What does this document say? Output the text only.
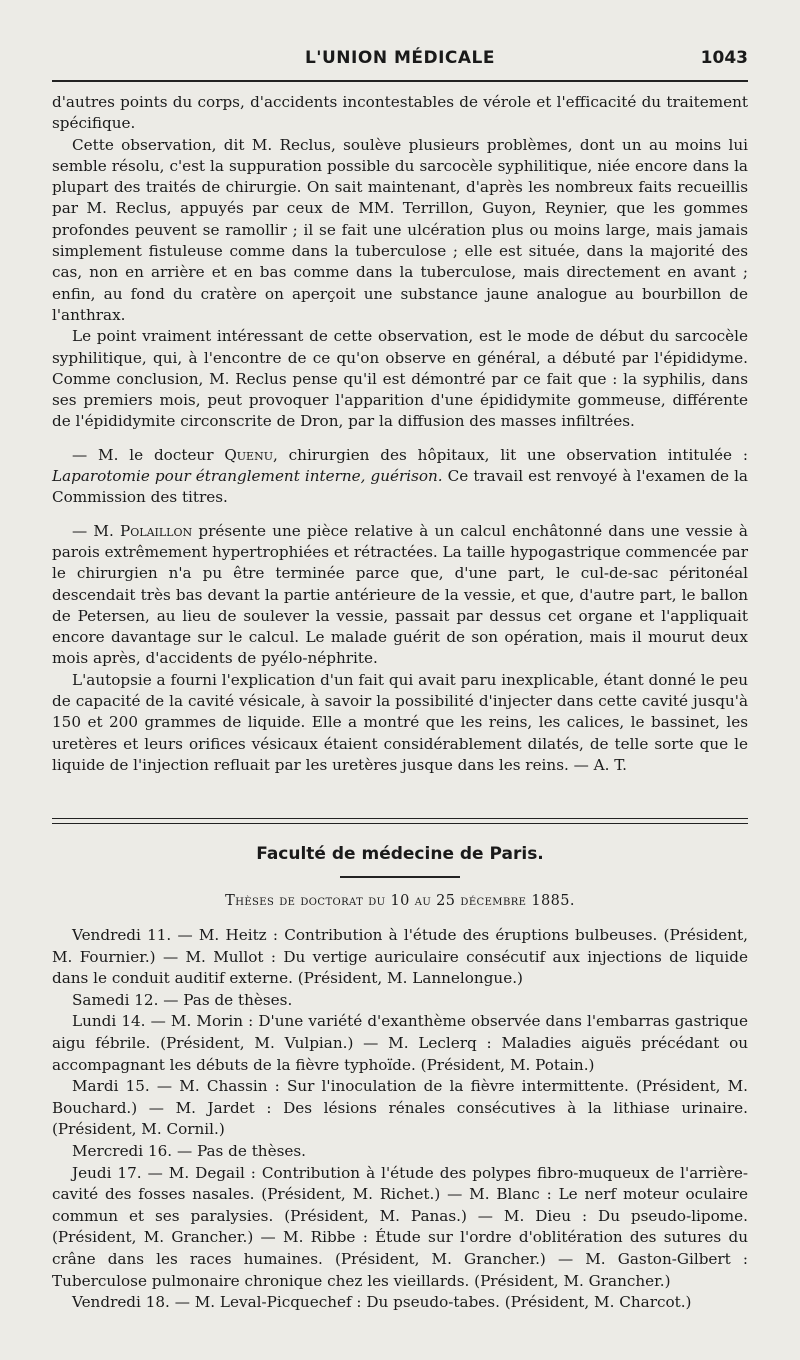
L'UNION MÉDICALE	1043

d'autres points du corps, d'accidents incontestables de vérole et l'efficacité du traitement spécifique.

Cette observation, dit M. Reclus, soulève plusieurs problèmes, dont un au moins lui semble résolu, c'est la suppuration possible du sarcocèle syphilitique, niée encore dans la plupart des traités de chirurgie. On sait maintenant, d'après les nombreux faits recueillis par M. Reclus, appuyés par ceux de MM. Terrillon, Guyon, Reynier, que les gommes profondes peuvent se ramollir ; il se fait une ulcération plus ou moins large, mais jamais simplement fistuleuse comme dans la tuberculose ; elle est située, dans la majorité des cas, non en arrière et en bas comme dans la tuberculose, mais directement en avant ; enfin, au fond du cratère on aperçoit une substance jaune analogue au bourbillon de l'anthrax.

Le point vraiment intéressant de cette observation, est le mode de début du sarcocèle syphilitique, qui, à l'encontre de ce qu'on observe en général, a débuté par l'épididyme. Comme conclusion, M. Reclus pense qu'il est démontré par ce fait que : la syphilis, dans ses premiers mois, peut provoquer l'apparition d'une épididymite gommeuse, différente de l'épididymite circonscrite de Dron, par la diffusion des masses infiltrées.

— M. le docteur Quenu, chirurgien des hôpitaux, lit une observation intitulée : Laparotomie pour étranglement interne, guérison. Ce travail est renvoyé à l'examen de la Commission des titres.

— M. Polaillon présente une pièce relative à un calcul enchâtonné dans une vessie à parois extrêmement hypertrophiées et rétractées. La taille hypogastrique commencée par le chirurgien n'a pu être terminée parce que, d'une part, le cul-de-sac péritonéal descendait très bas devant la partie antérieure de la vessie, et que, d'autre part, le ballon de Petersen, au lieu de soulever la vessie, passait par dessus cet organe et l'appliquait encore davantage sur le calcul. Le malade guérit de son opération, mais il mourut deux mois après, d'accidents de pyélo-néphrite.

L'autopsie a fourni l'explication d'un fait qui avait paru inexplicable, étant donné le peu de capacité de la cavité vésicale, à savoir la possibilité d'injecter dans cette cavité jusqu'à 150 et 200 grammes de liquide. Elle a montré que les reins, les calices, le bassinet, les uretères et leurs orifices vésicaux étaient considérablement dilatés, de telle sorte que le liquide de l'injection refluait par les uretères jusque dans les reins. — A. T.

Faculté de médecine de Paris.
Thèses de doctorat du 10 au 25 décembre 1885.

Vendredi 11. — M. Heitz : Contribution à l'étude des éruptions bulbeuses. (Président, M. Fournier.) — M. Mullot : Du vertige auriculaire consécutif aux injections de liquide dans le conduit auditif externe. (Président, M. Lannelongue.)

Samedi 12. — Pas de thèses.

Lundi 14. — M. Morin : D'une variété d'exanthème observée dans l'embarras gastrique aigu fébrile. (Président, M. Vulpian.) — M. Leclerq : Maladies aiguës précédant ou accompagnant les débuts de la fièvre typhoïde. (Président, M. Potain.)

Mardi 15. — M. Chassin : Sur l'inoculation de la fièvre intermittente. (Président, M. Bouchard.) — M. Jardet : Des lésions rénales consécutives à la lithiase urinaire. (Président, M. Cornil.)

Mercredi 16. — Pas de thèses.

Jeudi 17. — M. Degail : Contribution à l'étude des polypes fibro-muqueux de l'arrière-cavité des fosses nasales. (Président, M. Richet.) — M. Blanc : Le nerf moteur oculaire commun et ses paralysies. (Président, M. Panas.) — M. Dieu : Du pseudo-lipome. (Président, M. Grancher.) — M. Ribbe : Étude sur l'ordre d'oblitération des sutures du crâne dans les races humaines. (Président, M. Grancher.) — M. Gaston-Gilbert : Tuberculose pulmonaire chronique chez les vieillards. (Président, M. Grancher.)

Vendredi 18. — M. Leval-Picquechef : Du pseudo-tabes. (Président, M. Charcot.)
